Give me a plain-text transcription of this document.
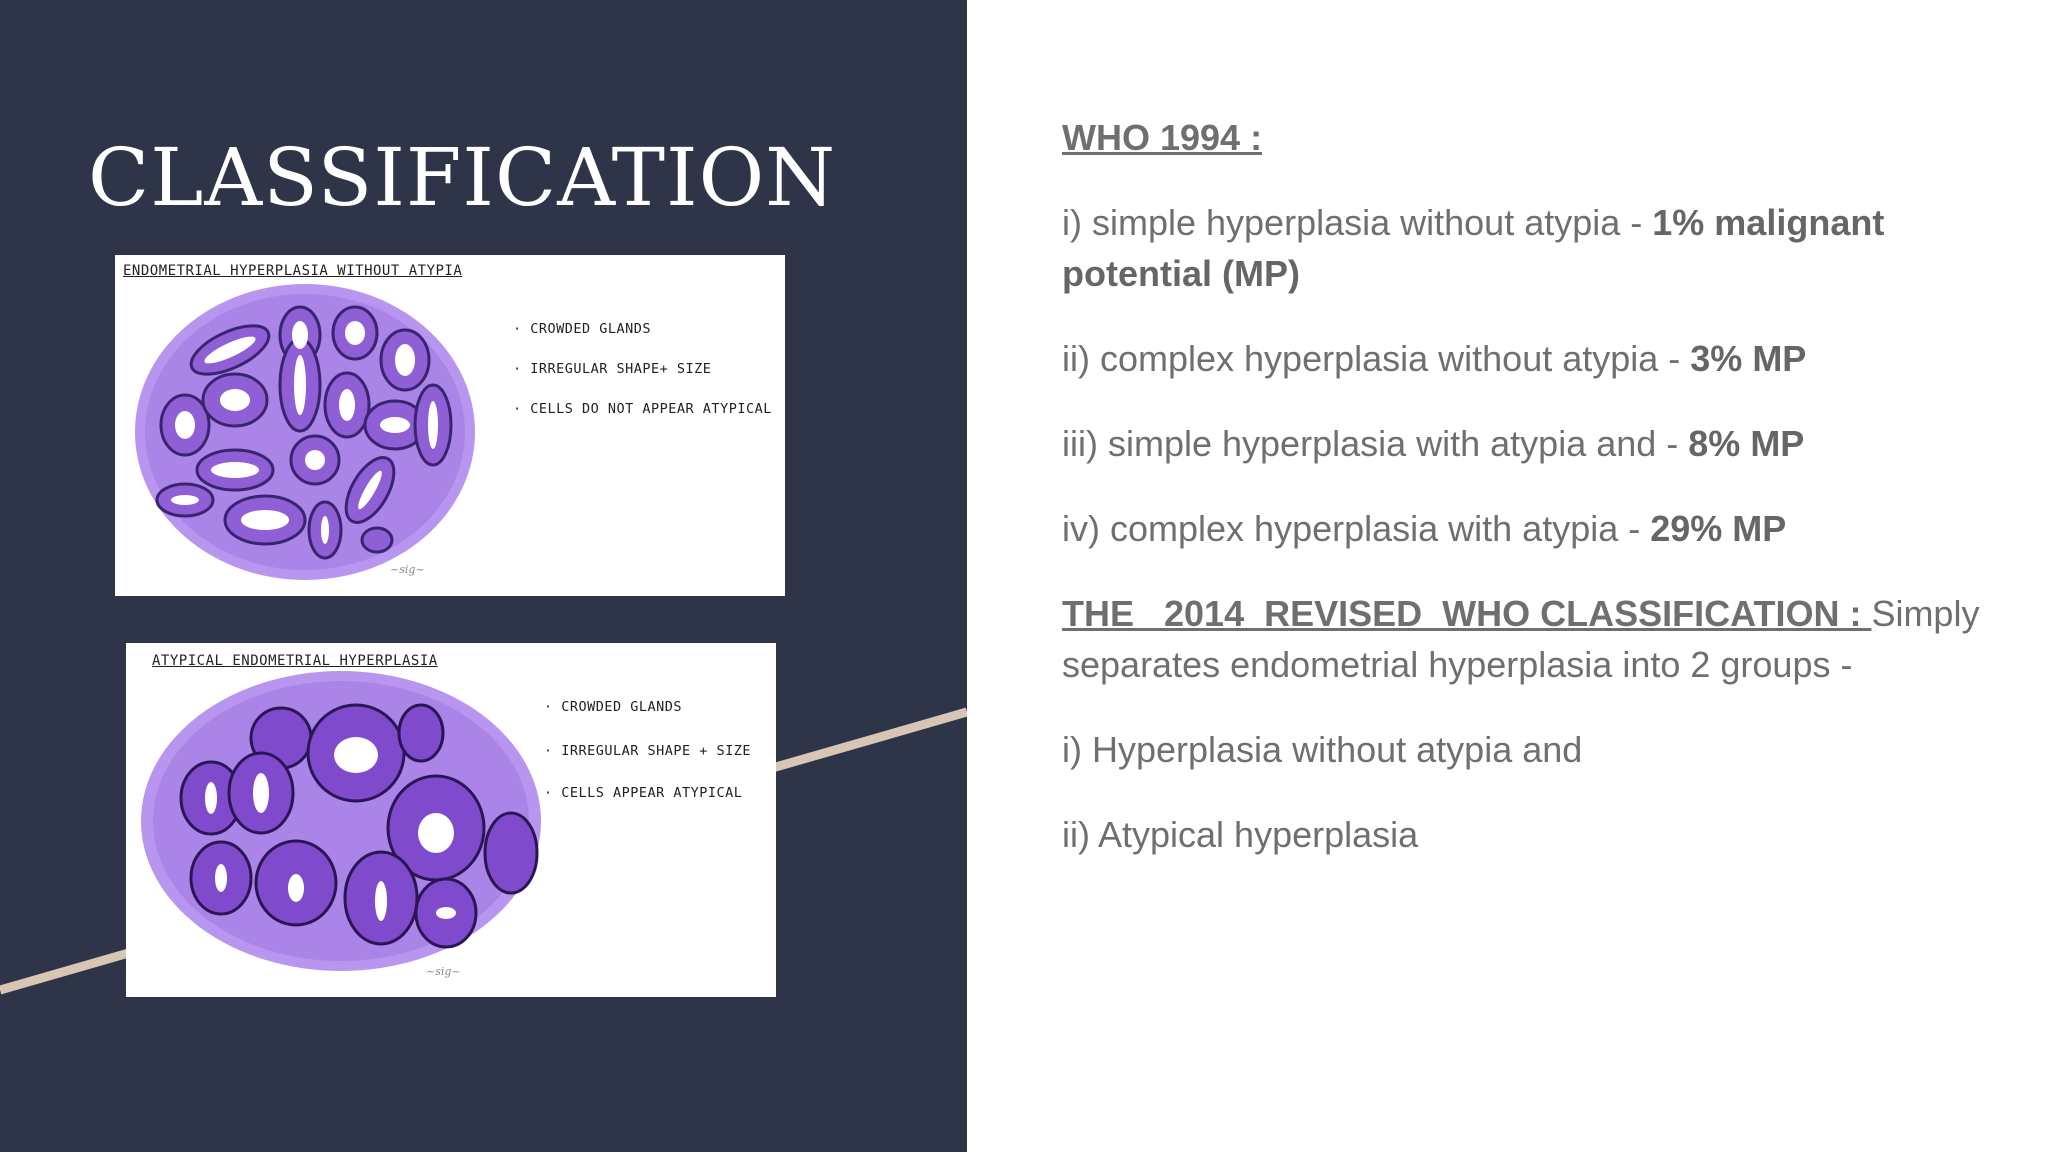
CLASSIFICATION
ENDOMETRIAL HYPERPLASIA WITHOUT ATYPIA
· CROWDED GLANDS
· IRREGULAR SHAPE+ SIZE
· CELLS DO NOT APPEAR ATYPICAL
~sig~
ATYPICAL ENDOMETRIAL HYPERPLASIA
· CROWDED GLANDS
· IRREGULAR SHAPE + SIZE
· CELLS APPEAR ATYPICAL
~sig~

WHO 1994 :

i) simple hyperplasia without atypia - 1% malignant potential (MP)

ii) complex hyperplasia without atypia - 3% MP

iii) simple hyperplasia with atypia and - 8% MP

iv) complex hyperplasia with atypia - 29% MP

THE   2014  REVISED  WHO CLASSIFICATION : Simply separates endometrial hyperplasia into 2 groups -

i) Hyperplasia without atypia and

ii) Atypical hyperplasia
